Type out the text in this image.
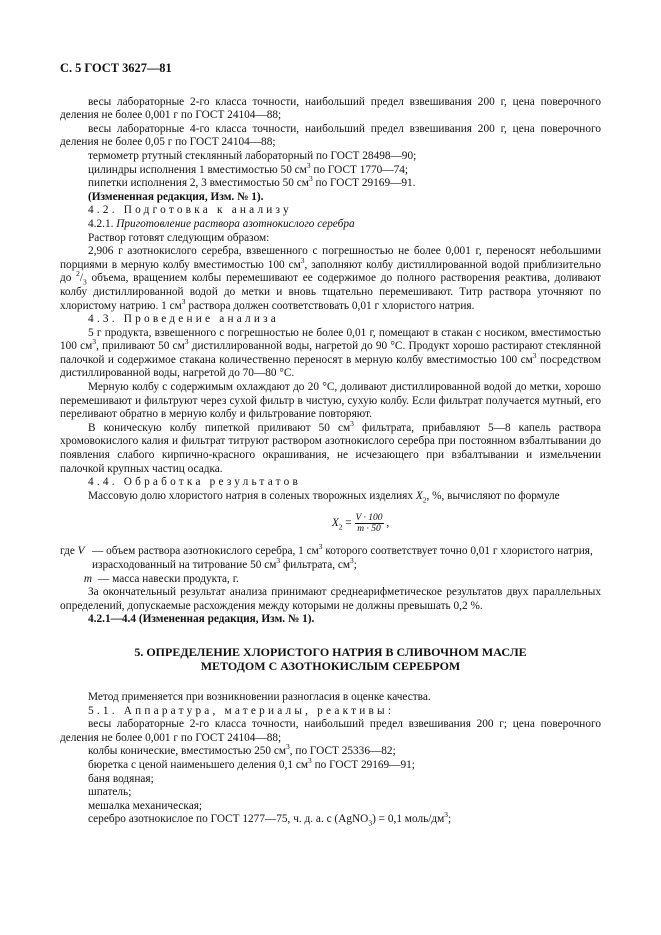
С. 5 ГОСТ 3627—81

весы лабораторные 2-го класса точности, наибольший предел взвешивания 200 г, цена поверочного деления не более 0,001 г по ГОСТ 24104—88;

весы лабораторные 4-го класса точности, наибольший предел взвешивания 200 г, цена поверочного деления не более 0,05 г по ГОСТ 24104—88;

термометр ртутный стеклянный лабораторный по ГОСТ 28498—90;

цилиндры исполнения 1 вместимостью 50 $см^3$ по ГОСТ 1770—74;

пипетки исполнения 2, 3 вместимостью 50 $см^3$ по ГОСТ 29169—91.

(Измененная редакция, Изм. № 1).

4.2. Подготовка к анализу

4.2.1. Приготовление раствора азотнокислого серебра

Раствор готовят следующим образом:

2,906 г азотнокислого серебра, взвешенного с погрешностью не более 0,001 г, переносят небольшими порциями в мерную колбу вместимостью 100 $см^3$, заполняют колбу дистиллированной водой приблизительно до $^2/_3$ объема, вращением колбы перемешивают ее содержимое до полного растворения реактива, доливают колбу дистиллированной водой до метки и вновь тщательно перемешивают. Титр раствора уточняют по хлористому натрию. 1 $см^3$ раствора должен соответствовать 0,01 г хлористого натрия.

4.3. Проведение анализа

5 г продукта, взвешенного с погрешностью не более 0,01 г, помещают в стакан с носиком, вместимостью 100 $см^3$, приливают 50 $см^3$ дистиллированной воды, нагретой до 90 °С. Продукт хорошо растирают стеклянной палочкой и содержимое стакана количественно переносят в мерную колбу вместимостью 100 $см^3$ посредством дистиллированной воды, нагретой до 70—80 °С.

Мерную колбу с содержимым охлаждают до 20 °С, доливают дистиллированной водой до метки, хорошо перемешивают и фильтруют через сухой фильтр в чистую, сухую колбу. Если фильтрат получается мутный, его переливают обратно в мерную колбу и фильтрование повторяют.

В коническую колбу пипеткой приливают 50 $см^3$ фильтрата, прибавляют 5—8 капель раствора хромовокислого калия и фильтрат титруют раствором азотнокислого серебра при постоянном взбалтывании до появления слабого кирпично-красного окрашивания, не исчезающего при взбалтывании и измельчении палочкой крупных частиц осадка.

4.4. Обработка результатов

Массовую долю хлористого натрия в соленых творожных изделиях $X_2$, %, вычисляют по формуле

$X_2 = \frac{V \cdot 100}{m \cdot 50}$ ,
где V — объем раствора азотнокислого серебра, 1 $см^3$ которого соответствует точно 0,01 г хлористого натрия, израсходованный на титрование 50 $см^3$ фильтрата, $см^3$;
m — масса навески продукта, г.

За окончательный результат анализа принимают среднеарифметическое результатов двух параллельных определений, допускаемые расхождения между которыми не должны превышать 0,2 %.

4.2.1—4.4 (Измененная редакция, Изм. № 1).

5. ОПРЕДЕЛЕНИЕ ХЛОРИСТОГО НАТРИЯ В СЛИВОЧНОМ МАСЛЕ
МЕТОДОМ С АЗОТНОКИСЛЫМ СЕРЕБРОМ

Метод применяется при возникновении разногласия в оценке качества.

5.1. Аппаратура, материалы, реактивы:

весы лабораторные 2-го класса точности, наибольший предел взвешивания 200 г; цена поверочного деления не более 0,001 г по ГОСТ 24104—88;

колбы конические, вместимостью 250 $см^3$, по ГОСТ 25336—82;

бюретка с ценой наименьшего деления 0,1 $см^3$ по ГОСТ 29169—91;

баня водяная;

шпатель;

мешалка механическая;

серебро азотнокислое по ГОСТ 1277—75, ч. д. а. с (AgNO$_3$) = 0,1 моль/$дм^3$;
